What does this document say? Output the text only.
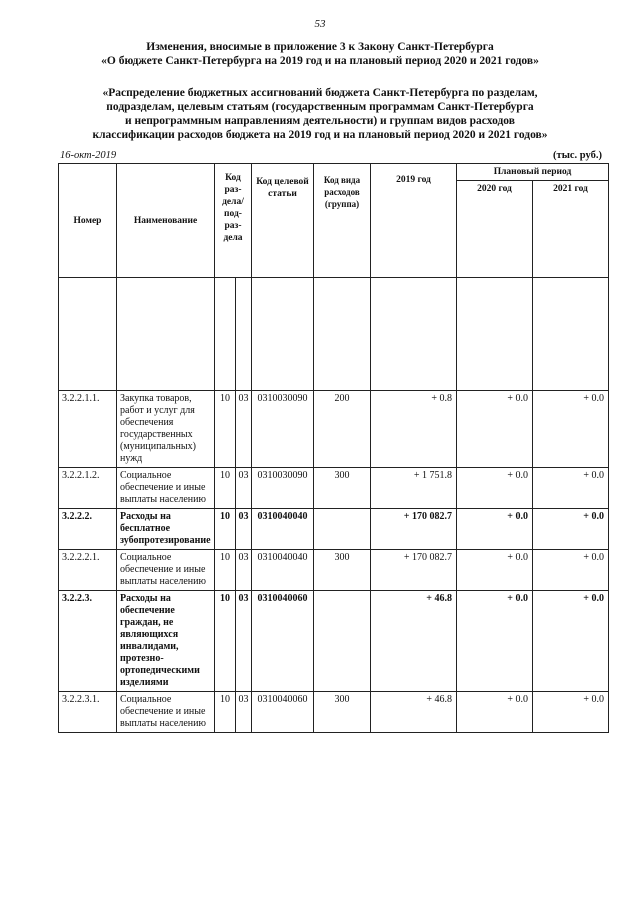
53
Изменения, вносимые в приложение 3 к Закону Санкт-Петербурга
«О бюджете Санкт-Петербурга на 2019 год и на плановый период 2020 и 2021 годов»
«Распределение бюджетных ассигнований бюджета Санкт-Петербурга по разделам,
подразделам, целевым статьям (государственным программам Санкт-Петербурга
и непрограммным направлениям деятельности) и группам видов расходов
классификации расходов бюджета на 2019 год и на плановый период 2020 и 2021 годов»
16-окт-2019	(тыс. руб.)
Номер	Наименование	Код раз-дела/ под-раз-дела		Код целевой статьи	Код вида расходов (группа)	2019 год	Плановый период	
							2020 год	2021 год

3.2.2.1.1.	Закупка товаров, работ и услуг для обеспечения государственных (муниципальных) нужд	10	03	0310030090	200	+ 0.8	+ 0.0	+ 0.0
3.2.2.1.2.	Социальное обеспечение и иные выплаты населению	10	03	0310030090	300	+ 1 751.8	+ 0.0	+ 0.0
3.2.2.2.	Расходы на бесплатное зубопротезирование	10	03	0310040040		+ 170 082.7	+ 0.0	+ 0.0
3.2.2.2.1.	Социальное обеспечение и иные выплаты населению	10	03	0310040040	300	+ 170 082.7	+ 0.0	+ 0.0
3.2.2.3.	Расходы на обеспечение граждан, не являющихся инвалидами, протезно-ортопедическими изделиями	10	03	0310040060		+ 46.8	+ 0.0	+ 0.0
3.2.2.3.1.	Социальное обеспечение и иные выплаты населению	10	03	0310040060	300	+ 46.8	+ 0.0	+ 0.0
